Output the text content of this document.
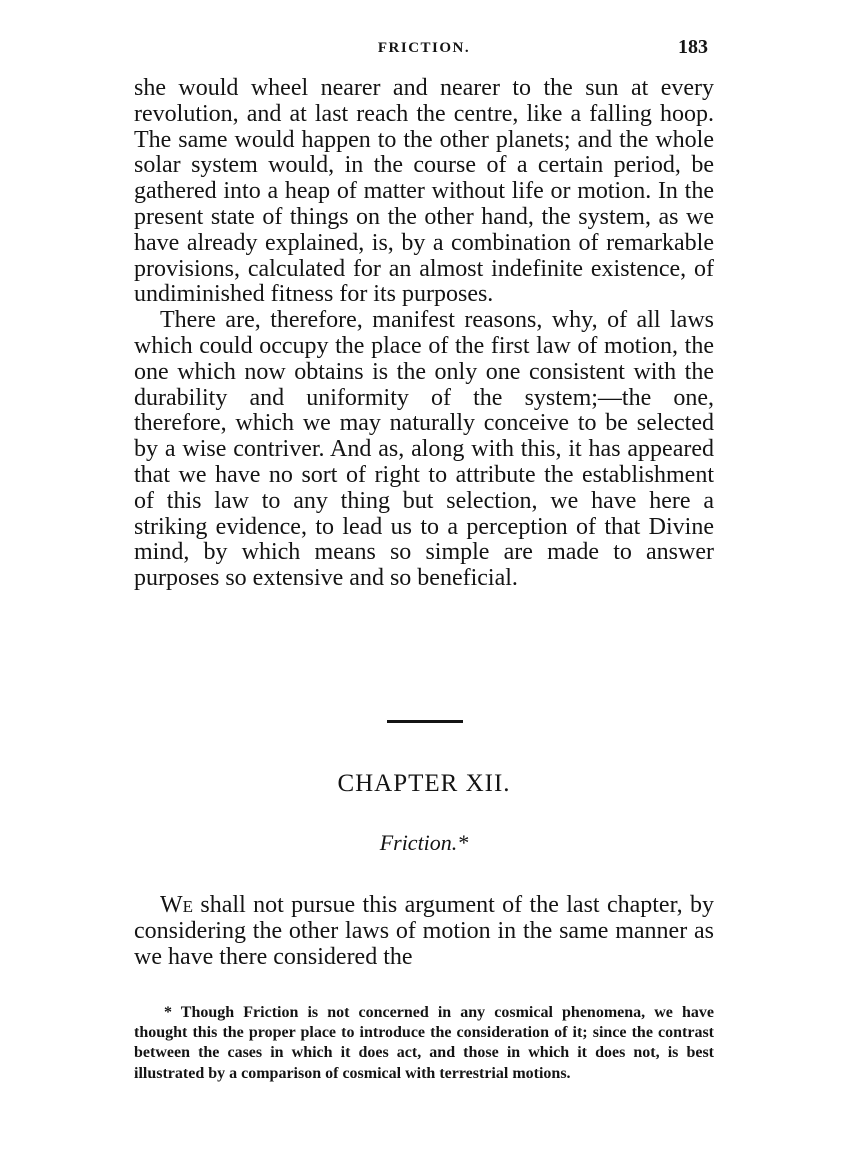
FRICTION.	183

she would wheel nearer and nearer to the sun at every revolution, and at last reach the centre, like a falling hoop. The same would happen to the other planets; and the whole solar system would, in the course of a certain period, be gathered into a heap of matter without life or motion. In the present state of things on the other hand, the system, as we have already explained, is, by a combination of remarkable provisions, calculated for an almost indefinite existence, of undiminished fitness for its purposes.

There are, therefore, manifest reasons, why, of all laws which could occupy the place of the first law of motion, the one which now obtains is the only one consistent with the durability and uniformity of the system;—the one, therefore, which we may naturally conceive to be selected by a wise contriver. And as, along with this, it has appeared that we have no sort of right to attribute the establishment of this law to any thing but selection, we have here a striking evidence, to lead us to a perception of that Divine mind, by which means so simple are made to answer purposes so extensive and so beneficial.

CHAPTER XII.
Friction.*

We shall not pursue this argument of the last chapter, by considering the other laws of motion in the same manner as we have there considered the

* Though Friction is not concerned in any cosmical phenomena, we have thought this the proper place to introduce the consideration of it; since the contrast between the cases in which it does act, and those in which it does not, is best illustrated by a comparison of cosmical with terrestrial motions.
